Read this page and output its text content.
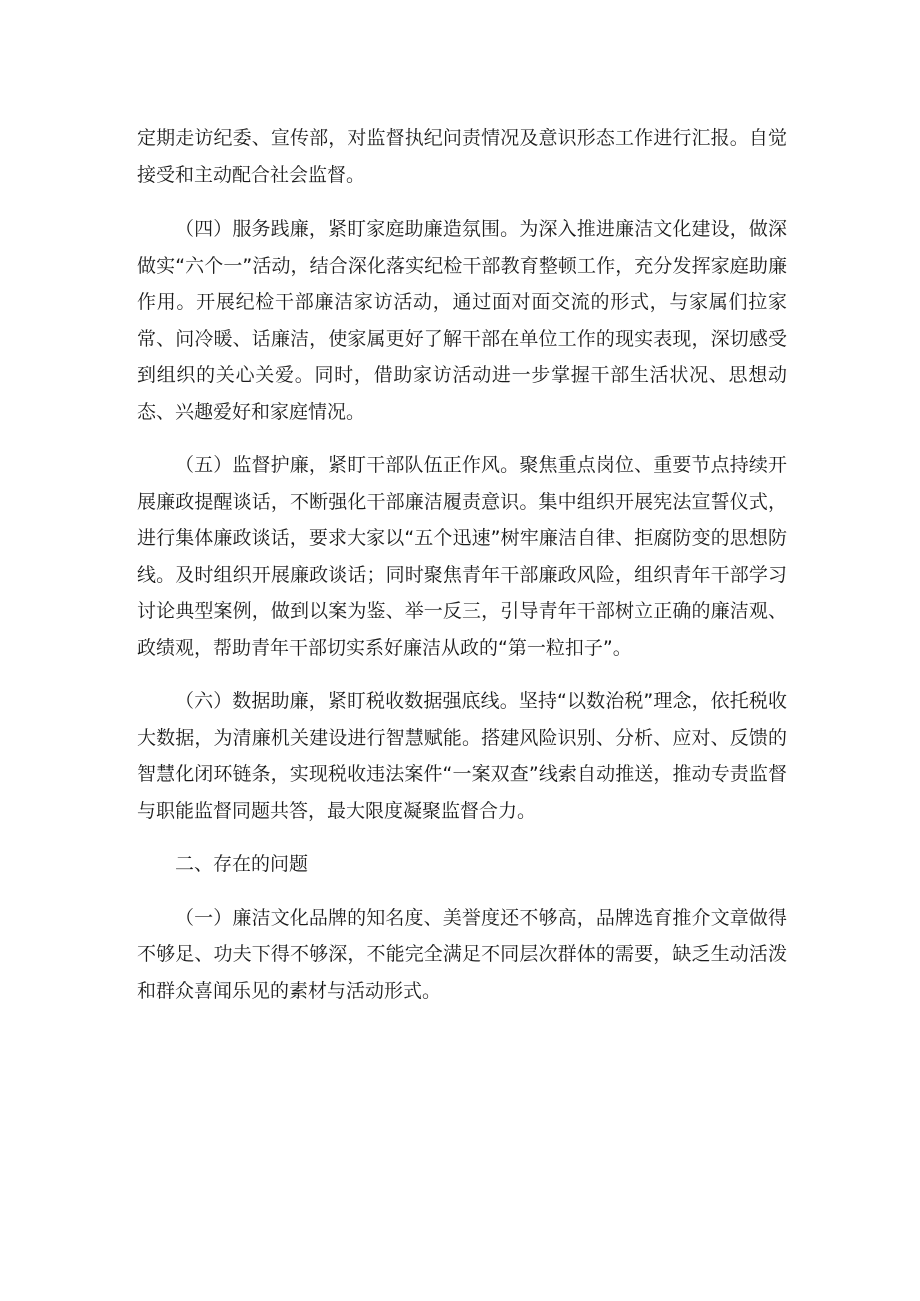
定期走访纪委、宣传部，对监督执纪问责情况及意识形态工作进行汇报。自觉接受和主动配合社会监督。

（四）服务践廉，紧盯家庭助廉造氛围。为深入推进廉洁文化建设，做深做实“六个一”活动，结合深化落实纪检干部教育整顿工作，充分发挥家庭助廉作用。开展纪检干部廉洁家访活动，通过面对面交流的形式，与家属们拉家常、问冷暖、话廉洁，使家属更好了解干部在单位工作的现实表现，深切感受到组织的关心关爱。同时，借助家访活动进一步掌握干部生活状况、思想动态、兴趣爱好和家庭情况。

（五）监督护廉，紧盯干部队伍正作风。聚焦重点岗位、重要节点持续开展廉政提醒谈话，不断强化干部廉洁履责意识。集中组织开展宪法宣誓仪式，进行集体廉政谈话，要求大家以“五个迅速”树牢廉洁自律、拒腐防变的思想防线。及时组织开展廉政谈话；同时聚焦青年干部廉政风险，组织青年干部学习讨论典型案例，做到以案为鉴、举一反三，引导青年干部树立正确的廉洁观、政绩观，帮助青年干部切实系好廉洁从政的“第一粒扣子”。

（六）数据助廉，紧盯税收数据强底线。坚持“以数治税”理念，依托税收大数据，为清廉机关建设进行智慧赋能。搭建风险识别、分析、应对、反馈的智慧化闭环链条，实现税收违法案件“一案双查”线索自动推送，推动专责监督与职能监督同题共答，最大限度凝聚监督合力。

二、存在的问题

（一）廉洁文化品牌的知名度、美誉度还不够高，品牌选育推介文章做得不够足、功夫下得不够深，不能完全满足不同层次群体的需要，缺乏生动活泼和群众喜闻乐见的素材与活动形式。
